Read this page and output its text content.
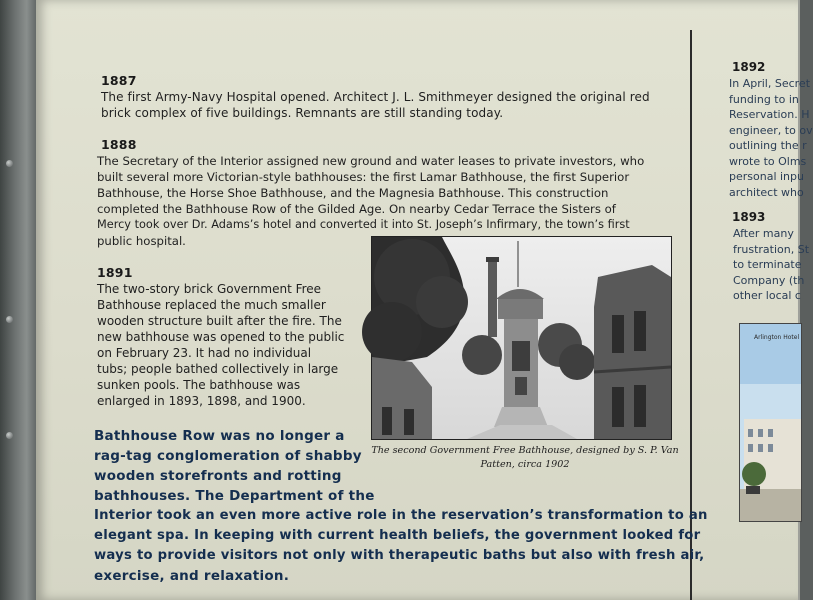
1887
The first Army-Navy Hospital opened. Architect J. L. Smithmeyer designed the original red
brick complex of five buildings. Remnants are still standing today.
1888
The Secretary of the Interior assigned new ground and water leases to private investors, who
built several more Victorian-style bathhouses: the first Lamar Bathhouse, the first Superior
Bathhouse, the Horse Shoe Bathhouse, and the Magnesia Bathhouse. This construction
completed the Bathhouse Row of the Gilded Age. On nearby Cedar Terrace the Sisters of
Mercy took over Dr. Adams’s hotel and converted it into St. Joseph’s Infirmary, the town’s first
public hospital.
1891
The two-story brick Government Free
Bathhouse replaced the much smaller
wooden structure built after the fire. The
new bathhouse was opened to the public
on February 23. It had no individual
tubs; people bathed collectively in large
sunken pools. The bathhouse was
enlarged in 1893, 1898, and 1900.
The second Government Free Bathhouse, designed by S. P. Van
Patten, circa 1902
Bathhouse Row was no longer a
rag-tag conglomeration of shabby
wooden storefronts and rotting
bathhouses. The Department of the
Interior took an even more active role in the reservation’s transformation to an
elegant spa. In keeping with current health beliefs, the government looked for
ways to provide visitors not only with therapeutic baths but also with fresh air,
exercise, and relaxation.
1892
In April, Secret
funding to in
Reservation. H
engineer, to ov
outlining the r
wrote to Olms
personal inpu
architect who
1893
After many
frustration, St
to terminate
Company (th
other local c
Arlington Hotel
